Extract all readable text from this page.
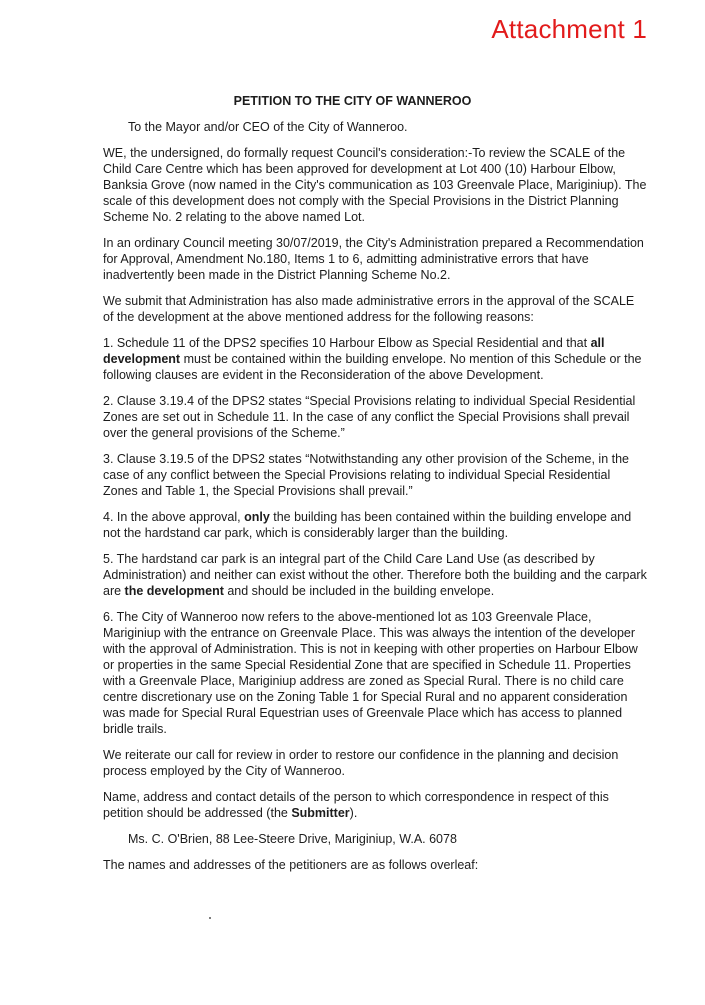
Attachment 1
PETITION TO THE CITY OF WANNEROO

To the Mayor and/or CEO of the City of Wanneroo.

WE, the undersigned, do formally request Council's consideration:-To review the SCALE of the Child Care Centre which has been approved for development at Lot 400 (10) Harbour Elbow, Banksia Grove (now named in the City's communication as 103 Greenvale Place, Mariginiup). The scale of this development does not comply with the Special Provisions in the District Planning Scheme No. 2 relating to the above named Lot.

In an ordinary Council meeting 30/07/2019, the City's Administration prepared a Recommendation for Approval, Amendment No.180, Items 1 to 6, admitting administrative errors that have inadvertently been made in the District Planning Scheme No.2.

We submit that Administration has also made administrative errors in the approval of the SCALE of the development at the above mentioned address for the following reasons:

1. Schedule 11 of the DPS2 specifies 10 Harbour Elbow as Special Residential and that all development must be contained within the building envelope. No mention of this Schedule or the following clauses are evident in the Reconsideration of the above Development.

2. Clause 3.19.4 of the DPS2 states “Special Provisions relating to individual Special Residential Zones are set out in Schedule 11. In the case of any conflict the Special Provisions shall prevail over the general provisions of the Scheme.”

3. Clause 3.19.5 of the DPS2 states “Notwithstanding any other provision of the Scheme, in the case of any conflict between the Special Provisions relating to individual Special Residential Zones and Table 1, the Special Provisions shall prevail.”

4. In the above approval, only the building has been contained within the building envelope and not the hardstand car park, which is considerably larger than the building.

5. The hardstand car park is an integral part of the Child Care Land Use (as described by Administration) and neither can exist without the other. Therefore both the building and the carpark are the development and should be included in the building envelope.

6. The City of Wanneroo now refers to the above-mentioned lot as 103 Greenvale Place, Mariginiup with the entrance on Greenvale Place. This was always the intention of the developer with the approval of Administration. This is not in keeping with other properties on Harbour Elbow or properties in the same Special Residential Zone that are specified in Schedule 11. Properties with a Greenvale Place, Mariginiup address are zoned as Special Rural. There is no child care centre discretionary use on the Zoning Table 1 for Special Rural and no apparent consideration was made for Special Rural Equestrian uses of Greenvale Place which has access to planned bridle trails.

We reiterate our call for review in order to restore our confidence in the planning and decision process employed by the City of Wanneroo.

Name, address and contact details of the person to which correspondence in respect of this petition should be addressed (the Submitter).

Ms. C. O'Brien, 88 Lee-Steere Drive, Mariginiup, W.A. 6078

The names and addresses of the petitioners are as follows overleaf:
